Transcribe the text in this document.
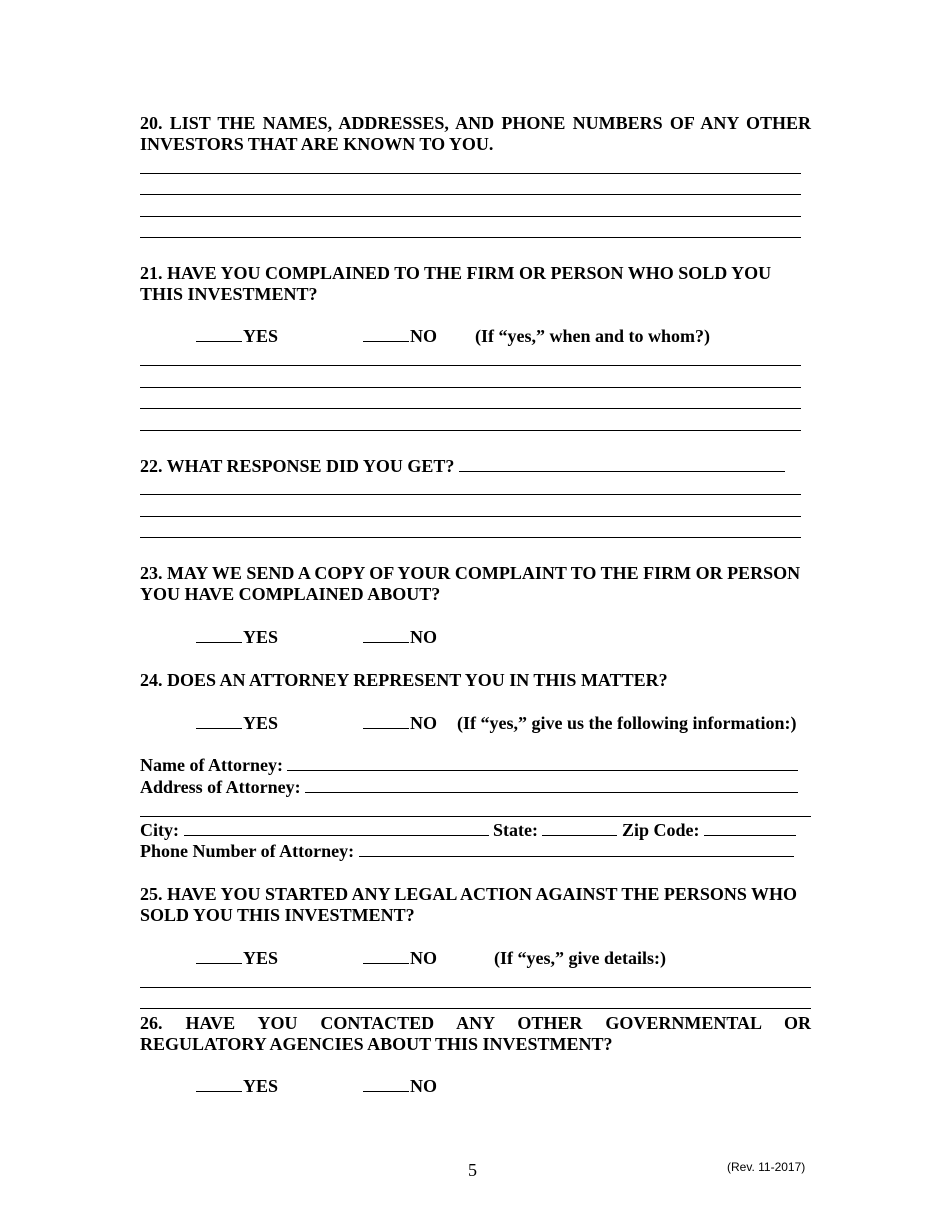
20. LIST THE NAMES, ADDRESSES, AND PHONE NUMBERS OF ANY OTHER INVESTORS THAT ARE KNOWN TO YOU.
21. HAVE YOU COMPLAINED TO THE FIRM OR PERSON WHO SOLD YOU THIS INVESTMENT?
YES	NO (If “yes,” when and to whom?)
22. WHAT RESPONSE DID YOU GET?
23. MAY WE SEND A COPY OF YOUR COMPLAINT TO THE FIRM OR PERSON YOU HAVE COMPLAINED ABOUT?
YES	NO
24. DOES AN ATTORNEY REPRESENT YOU IN THIS MATTER?
YES	NO (If “yes,” give us the following information:)
Name of Attorney:
Address of Attorney:
City:	State:	Zip Code:
Phone Number of Attorney:
25. HAVE YOU STARTED ANY LEGAL ACTION AGAINST THE PERSONS WHO SOLD YOU THIS INVESTMENT?
YES	NO	(If “yes,” give details:)
26. HAVE YOU CONTACTED ANY OTHER GOVERNMENTAL OR REGULATORY AGENCIES ABOUT THIS INVESTMENT?
YES	NO
5	(Rev. 11-2017)
